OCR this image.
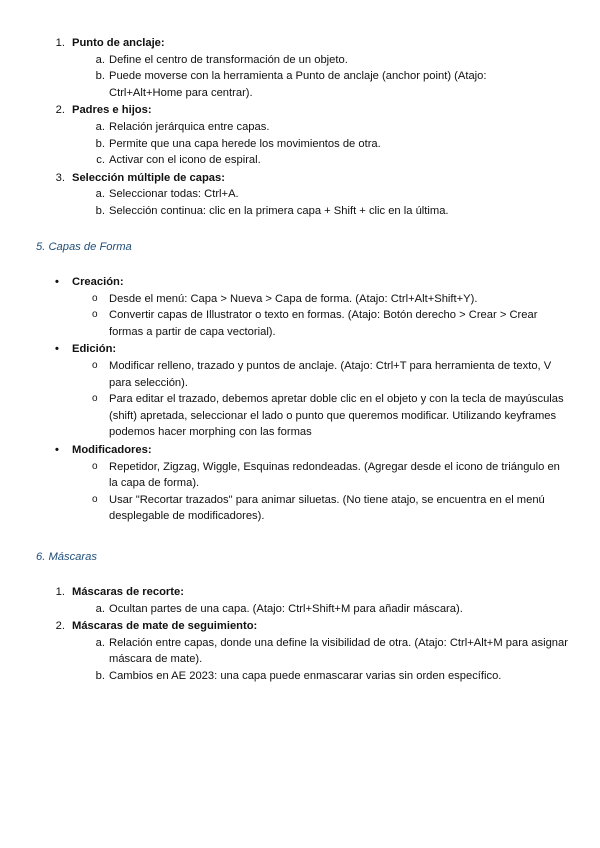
1. Punto de anclaje:
a. Define el centro de transformación de un objeto.
b. Puede moverse con la herramienta a Punto de anclaje (anchor point) (Atajo: Ctrl+Alt+Home para centrar).
2. Padres e hijos:
a. Relación jerárquica entre capas.
b. Permite que una capa herede los movimientos de otra.
c. Activar con el icono de espiral.
3. Selección múltiple de capas:
a. Seleccionar todas: Ctrl+A.
b. Selección continua: clic en la primera capa + Shift + clic en la última.
5. Capas de Forma
• Creación:
o Desde el menú: Capa > Nueva > Capa de forma. (Atajo: Ctrl+Alt+Shift+Y).
o Convertir capas de Illustrator o texto en formas. (Atajo: Botón derecho > Crear > Crear formas a partir de capa vectorial).
• Edición:
o Modificar relleno, trazado y puntos de anclaje. (Atajo: Ctrl+T para herramienta de texto, V para selección).
o Para editar el trazado, debemos apretar doble clic en el objeto y con la tecla de mayúsculas (shift) apretada, seleccionar el lado o punto que queremos modificar. Utilizando keyframes podemos hacer morphing con las formas
• Modificadores:
o Repetidor, Zigzag, Wiggle, Esquinas redondeadas. (Agregar desde el icono de triángulo en la capa de forma).
o Usar "Recortar trazados" para animar siluetas. (No tiene atajo, se encuentra en el menú desplegable de modificadores).
6. Máscaras
1. Máscaras de recorte:
a. Ocultan partes de una capa. (Atajo: Ctrl+Shift+M para añadir máscara).
2. Máscaras de mate de seguimiento:
a. Relación entre capas, donde una define la visibilidad de otra. (Atajo: Ctrl+Alt+M para asignar máscara de mate).
b. Cambios en AE 2023: una capa puede enmascarar varias sin orden específico.
